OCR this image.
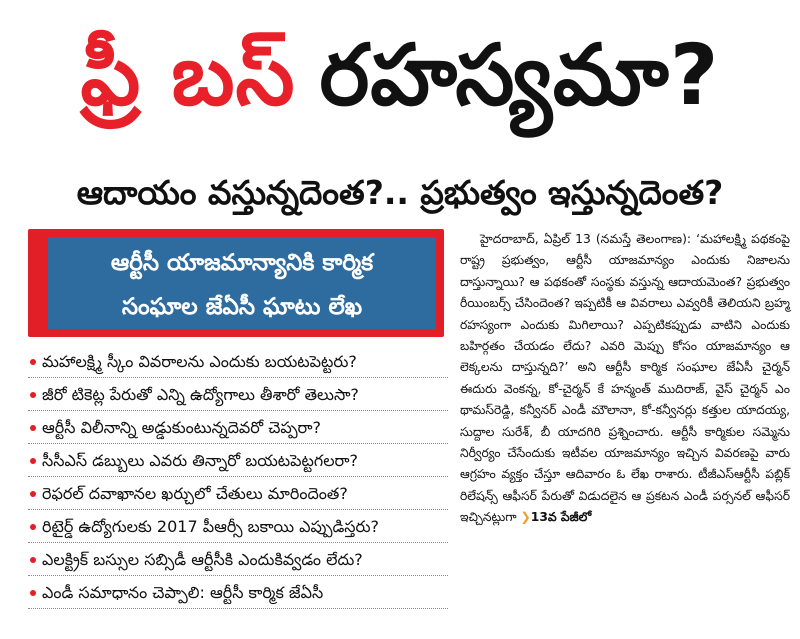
ఫ్రీ బస్ రహస్యమా?
ఆదాయం వస్తున్నదెంత?.. ప్రభుత్వం ఇస్తున్నదెంత?
ఆర్టీసీ యాజమాన్యానికి కార్మిక
సంఘాల జేఏసీ ఘాటు లేఖ
మహాలక్ష్మి స్కీం వివరాలను ఎందుకు బయటపెట్టరు?
జీరో టికెట్ల పేరుతో ఎన్ని ఉద్యోగాలు తీశారో తెలుసా?
ఆర్టీసీ విలీనాన్ని అడ్డుకుంటున్నదెవరో చెప్పరా?
సీసీఎస్ డబ్బులు ఎవరు తిన్నారో బయటపెట్టగలరా?
రెఫరల్ దవాఖానల ఖర్చులో చేతులు మారిందెంత?
రిటైర్డ్ ఉద్యోగులకు 2017 పీఆర్సీ బకాయి ఎప్పుడిస్తరు?
ఎలక్ట్రిక్ బస్సుల సబ్సిడీ ఆర్టీసీకి ఎందుకివ్వడం లేదు?
ఎండీ సమాధానం చెప్పాలి: ఆర్టీసీ కార్మిక జేఏసీ

హైదరాబాద్, ఏప్రిల్ 13 (నమస్తే తెలంగాణ): ‘మహాలక్ష్మి పథకంపై రాష్ట్ర ప్రభుత్వం, ఆర్టీసీ యాజమాన్యం ఎందుకు నిజాలను దాస్తున్నాయి? ఆ పథకంతో సంస్థకు వస్తున్న ఆదాయమెంత? ప్రభుత్వం రీయింబర్స్ చేసిందెంత? ఇప్పటికీ ఆ వివరాలు ఎవ్వరికీ తెలియని బ్రహ్మ రహస్యంగా ఎందుకు మిగిలాయి? ఎప్పటికప్పుడు వాటిని ఎందుకు బహిర్గతం చేయడం లేదు? ఎవరి మెప్పు కోసం యాజమాన్యం ఆ లెక్కలను దాస్తున్నది?’ అని ఆర్టీసీ కార్మిక సంఘాల జేఏసీ చైర్మన్ ఈదురు వెంకన్న, కో-చైర్మన్ కే హన్మంత్ ముదిరాజ్, వైస్ చైర్మన్ ఎం థామస్‌రెడ్డి, కన్వీనర్ ఎండీ మౌలానా, కో-కన్వీనర్లు కత్తుల యాదయ్య, సుద్దాల సురేశ్, బీ యాదగిరి ప్రశ్నించారు. ఆర్టీసీ కార్మికుల సమ్మెను నిర్వీర్యం చేసేందుకు ఇటీవల యాజమాన్యం ఇచ్చిన వివరణపై వారు ఆగ్రహం వ్యక్తం చేస్తూ ఆదివారం ఓ లేఖ రాశారు. టీజీఎస్‌ఆర్టీసీ పబ్లిక్ రిలేషన్స్ ఆఫీసర్ పేరుతో విడుదలైన ఆ ప్రకటన ఎండీ పర్సనల్ ఆఫీసర్ ఇచ్చినట్లుగా ❯13వ పేజీలో
